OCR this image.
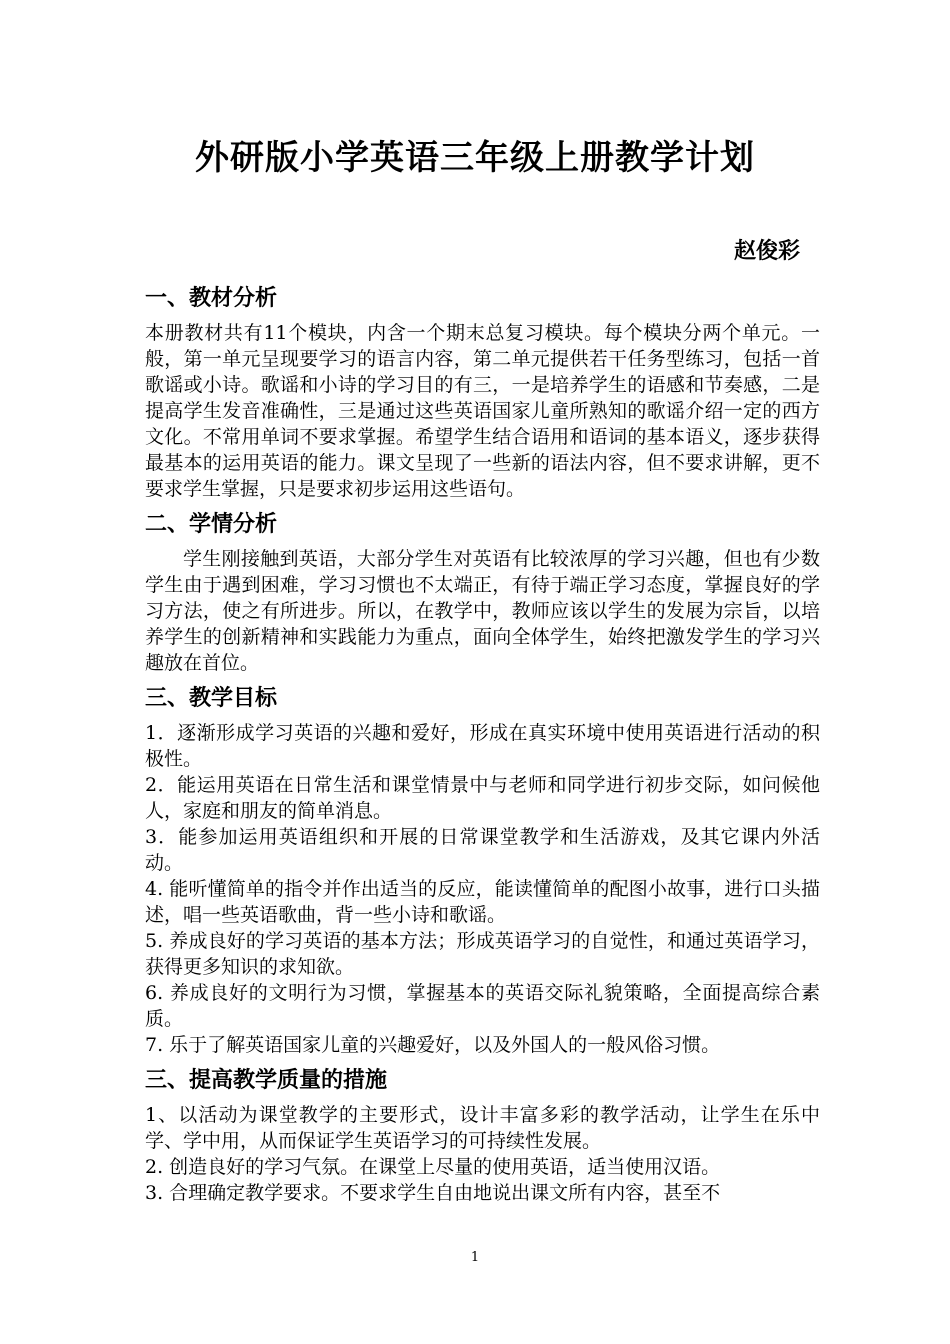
外研版小学英语三年级上册教学计划
赵俊彩
一、教材分析

本册教材共有11个模块，内含一个期末总复习模块。每个模块分两个单元。一般，第一单元呈现要学习的语言内容，第二单元提供若干任务型练习，包括一首歌谣或小诗。歌谣和小诗的学习目的有三，一是培养学生的语感和节奏感，二是提高学生发音准确性，三是通过这些英语国家儿童所熟知的歌谣介绍一定的西方文化。不常用单词不要求掌握。希望学生结合语用和语词的基本语义，逐步获得最基本的运用英语的能力。课文呈现了一些新的语法内容，但不要求讲解，更不要求学生掌握，只是要求初步运用这些语句。

二、学情分析

学生刚接触到英语，大部分学生对英语有比较浓厚的学习兴趣，但也有少数学生由于遇到困难，学习习惯也不太端正，有待于端正学习态度，掌握良好的学习方法，使之有所进步。所以，在教学中，教师应该以学生的发展为宗旨，以培养学生的创新精神和实践能力为重点，面向全体学生，始终把激发学生的学习兴趣放在首位。

三、教学目标

1．逐渐形成学习英语的兴趣和爱好，形成在真实环境中使用英语进行活动的积极性。

2．能运用英语在日常生活和课堂情景中与老师和同学进行初步交际，如问候他人，家庭和朋友的简单消息。

3．能参加运用英语组织和开展的日常课堂教学和生活游戏，及其它课内外活动。

4. 能听懂简单的指令并作出适当的反应，能读懂简单的配图小故事，进行口头描述，唱一些英语歌曲，背一些小诗和歌谣。

5. 养成良好的学习英语的基本方法；形成英语学习的自觉性，和通过英语学习，获得更多知识的求知欲。

6. 养成良好的文明行为习惯，掌握基本的英语交际礼貌策略，全面提高综合素质。

7. 乐于了解英语国家儿童的兴趣爱好，以及外国人的一般风俗习惯。

三、提高教学质量的措施

1、以活动为课堂教学的主要形式，设计丰富多彩的教学活动，让学生在乐中学、学中用，从而保证学生英语学习的可持续性发展。

2. 创造良好的学习气氛。在课堂上尽量的使用英语，适当使用汉语。

3. 合理确定教学要求。不要求学生自由地说出课文所有内容，甚至不

1
